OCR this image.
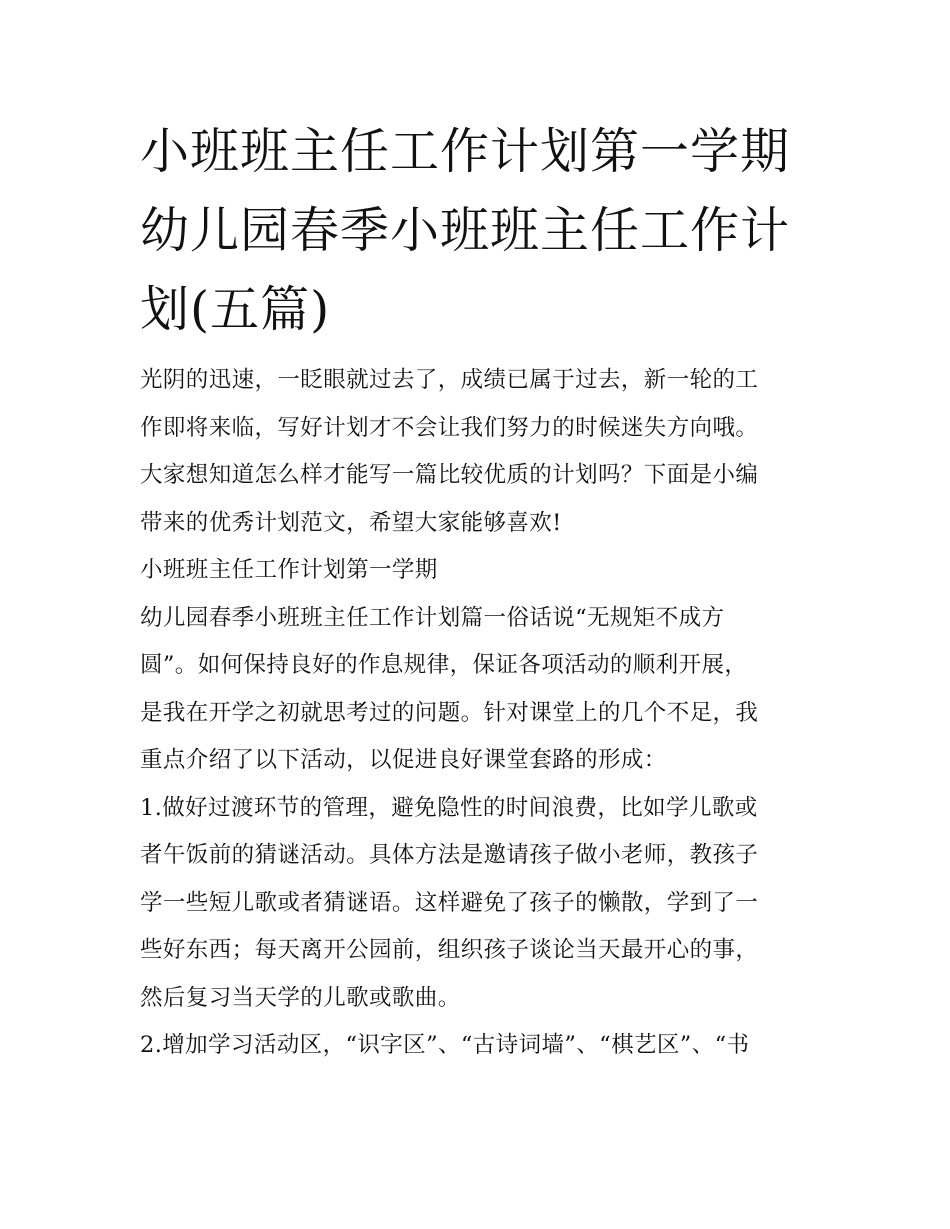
小班班主任工作计划第一学期
幼儿园春季小班班主任工作计
划(五篇)
光阴的迅速，一眨眼就过去了，成绩已属于过去，新一轮的工
作即将来临，写好计划才不会让我们努力的时候迷失方向哦。
大家想知道怎么样才能写一篇比较优质的计划吗？下面是小编
带来的优秀计划范文，希望大家能够喜欢!
小班班主任工作计划第一学期
幼儿园春季小班班主任工作计划篇一俗话说“无规矩不成方
圆”。如何保持良好的作息规律，保证各项活动的顺利开展，
是我在开学之初就思考过的问题。针对课堂上的几个不足，我
重点介绍了以下活动，以促进良好课堂套路的形成：
1.做好过渡环节的管理，避免隐性的时间浪费，比如学儿歌或
者午饭前的猜谜活动。具体方法是邀请孩子做小老师，教孩子
学一些短儿歌或者猜谜语。这样避免了孩子的懒散，学到了一
些好东西；每天离开公园前，组织孩子谈论当天最开心的事，
然后复习当天学的儿歌或歌曲。
2.增加学习活动区，“识字区”、“古诗词墙”、“棋艺区”、“书
